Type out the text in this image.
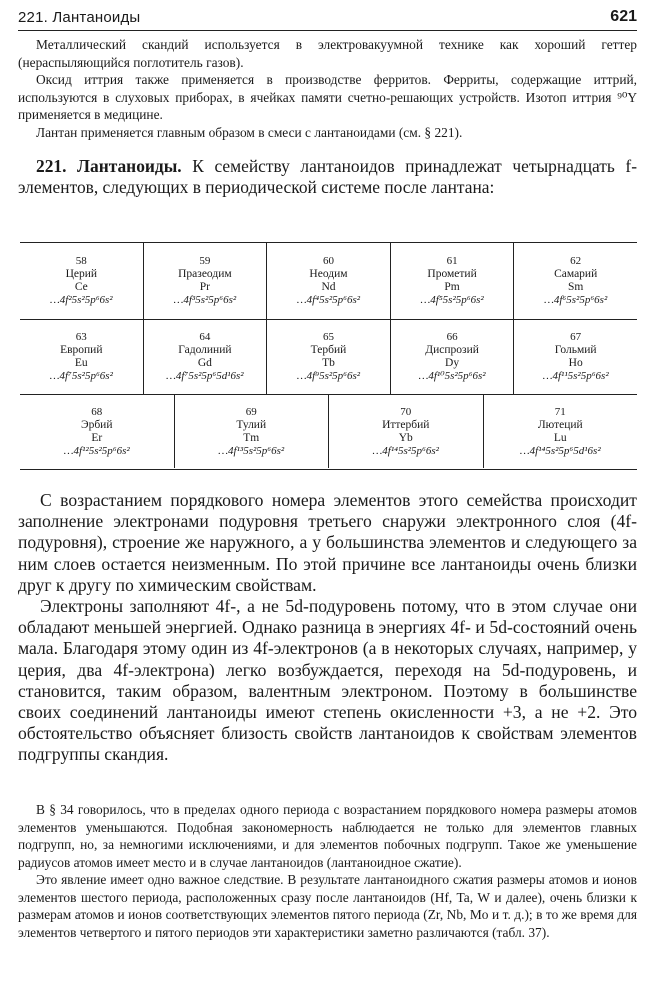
221. Лантаноиды	621

Металлический скандий используется в электровакуумной технике как хороший геттер (нераспыляющийся поглотитель газов).

Оксид иттрия также применяется в производстве ферритов. Ферриты, содержащие иттрий, используются в слуховых приборах, в ячейках памяти счетно-решающих устройств. Изотоп иттрия ⁹⁰Y применяется в медицине.

Лантан применяется главным образом в смеси с лантаноидами (см. § 221).

221. Лантаноиды. К семейству лантаноидов принадлежат четырнадцать f-элементов, следующих в периодической системе после лантана:

58
Церий
Ce
…4f²5s²5p⁶6s²
59
Празеодим
Pr
…4f³5s²5p⁶6s²
60
Неодим
Nd
…4f⁴5s²5p⁶6s²
61
Прометий
Pm
…4f⁵5s²5p⁶6s²
62
Самарий
Sm
…4f⁶5s²5p⁶6s²
63
Европий
Eu
…4f⁷5s²5p⁶6s²
64
Гадолиний
Gd
…4f⁷5s²5p⁶5d¹6s²
65
Тербий
Tb
…4f⁹5s²5p⁶6s²
66
Диспрозий
Dy
…4f¹⁰5s²5p⁶6s²
67
Гольмий
Ho
…4f¹¹5s²5p⁶6s²
68
Эрбий
Er
…4f¹²5s²5p⁶6s²
69
Тулий
Tm
…4f¹³5s²5p⁶6s²
70
Иттербий
Yb
…4f¹⁴5s²5p⁶6s²
71
Лютеций
Lu
…4f¹⁴5s²5p⁶5d¹6s²

С возрастанием порядкового номера элементов этого семейства происходит заполнение электронами подуровня третьего снаружи электронного слоя (4f-подуровня), строение же наружного, а у большинства элементов и следующего за ним слоев остается неизменным. По этой причине все лантаноиды очень близки друг к другу по химическим свойствам.

Электроны заполняют 4f-, а не 5d-подуровень потому, что в этом случае они обладают меньшей энергией. Однако разница в энергиях 4f- и 5d-состояний очень мала. Благодаря этому один из 4f-электронов (а в некоторых случаях, например, у церия, два 4f-электрона) легко возбуждается, переходя на 5d-подуровень, и становится, таким образом, валентным электроном. Поэтому в большинстве своих соединений лантаноиды имеют степень окисленности +3, а не +2. Это обстоятельство объясняет близость свойств лантаноидов к свойствам элементов подгруппы скандия.

В § 34 говорилось, что в пределах одного периода с возрастанием порядкового номера размеры атомов элементов уменьшаются. Подобная закономерность наблюдается не только для элементов главных подгрупп, но, за немногими исключениями, и для элементов побочных подгрупп. Такое же уменьшение радиусов атомов имеет место и в случае лантаноидов (лантаноидное сжатие).

Это явление имеет одно важное следствие. В результате лантаноидного сжатия размеры атомов и ионов элементов шестого периода, расположенных сразу после лантаноидов (Hf, Ta, W и далее), очень близки к размерам атомов и ионов соответствующих элементов пятого периода (Zr, Nb, Mo и т. д.); в то же время для элементов четвертого и пятого периодов эти характеристики заметно различаются (табл. 37).
